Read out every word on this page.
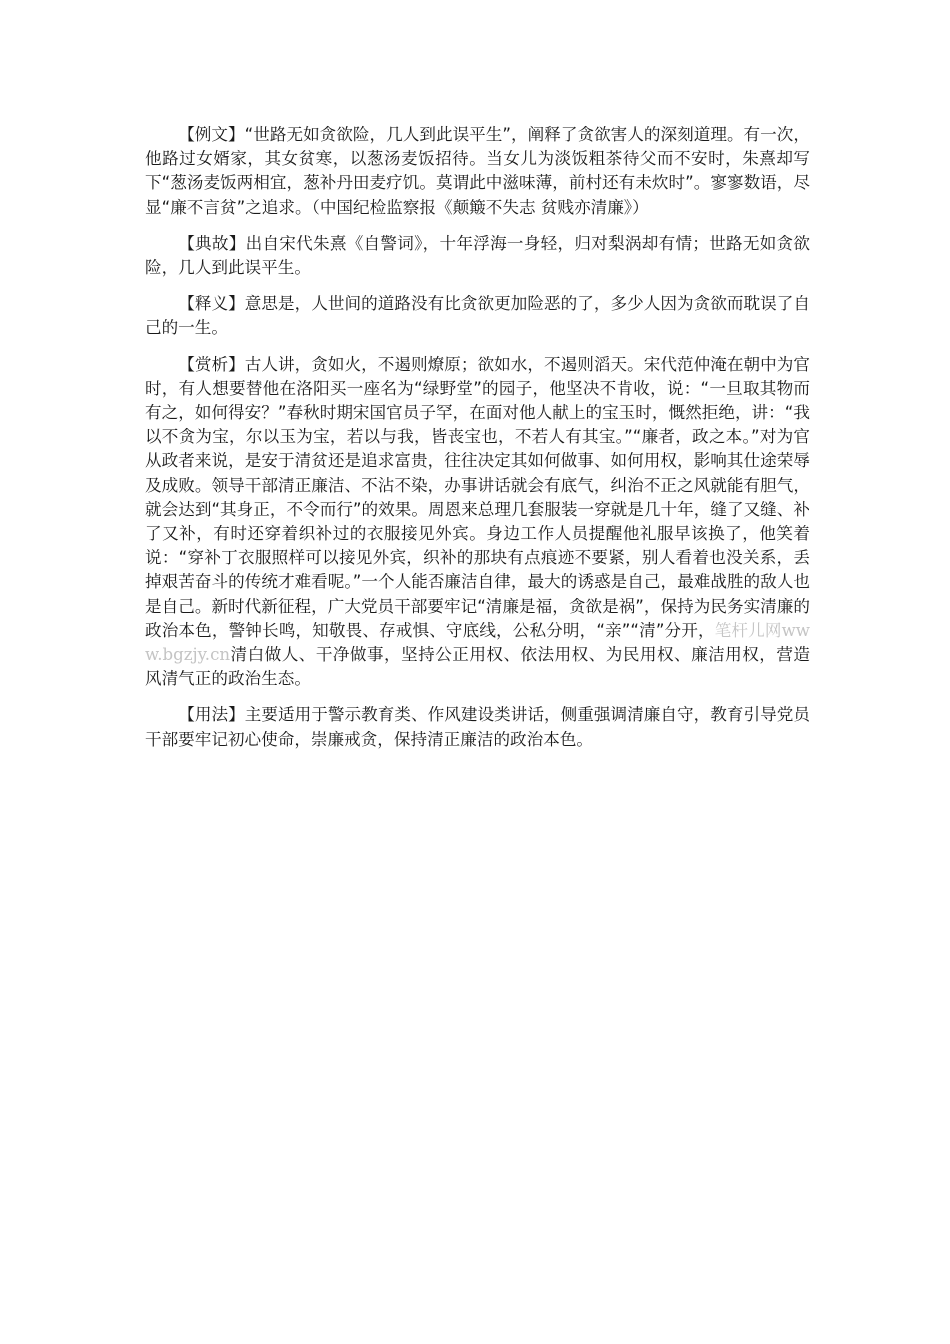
【例文】“世路无如贪欲险，几人到此误平生”，阐释了贪欲害人的深刻道理。有一次，他路过女婿家，其女贫寒，以葱汤麦饭招待。当女儿为淡饭粗茶待父而不安时，朱熹却写下“葱汤麦饭两相宜，葱补丹田麦疗饥。莫谓此中滋味薄，前村还有未炊时”。寥寥数语，尽显“廉不言贫”之追求。（中国纪检监察报《颠簸不失志 贫贱亦清廉》）

【典故】出自宋代朱熹《自警词》，十年浮海一身轻，归对梨涡却有情；世路无如贪欲险，几人到此误平生。

【释义】意思是，人世间的道路没有比贪欲更加险恶的了，多少人因为贪欲而耽误了自己的一生。

【赏析】古人讲，贪如火，不遏则燎原；欲如水，不遏则滔天。宋代范仲淹在朝中为官时，有人想要替他在洛阳买一座名为“绿野堂”的园子，他坚决不肯收，说：“一旦取其物而有之，如何得安？”春秋时期宋国官员子罕，在面对他人献上的宝玉时，慨然拒绝，讲：“我以不贪为宝，尔以玉为宝，若以与我，皆丧宝也，不若人有其宝。”“廉者，政之本。”对为官从政者来说，是安于清贫还是追求富贵，往往决定其如何做事、如何用权，影响其仕途荣辱及成败。领导干部清正廉洁、不沾不染，办事讲话就会有底气，纠治不正之风就能有胆气，就会达到“其身正，不令而行”的效果。周恩来总理几套服装一穿就是几十年，缝了又缝、补了又补，有时还穿着织补过的衣服接见外宾。身边工作人员提醒他礼服早该换了，他笑着说：“穿补丁衣服照样可以接见外宾，织补的那块有点痕迹不要紧，别人看着也没关系，丢掉艰苦奋斗的传统才难看呢。”一个人能否廉洁自律，最大的诱惑是自己，最难战胜的敌人也是自己。新时代新征程，广大党员干部要牢记“清廉是福，贪欲是祸”，保持为民务实清廉的政治本色，警钟长鸣，知敬畏、存戒惧、守底线，公私分明，“亲”“清”分开，笔杆儿网www.bgzjy.cn清白做人、干净做事，坚持公正用权、依法用权、为民用权、廉洁用权，营造风清气正的政治生态。

【用法】主要适用于警示教育类、作风建设类讲话，侧重强调清廉自守，教育引导党员干部要牢记初心使命，崇廉戒贪，保持清正廉洁的政治本色。
